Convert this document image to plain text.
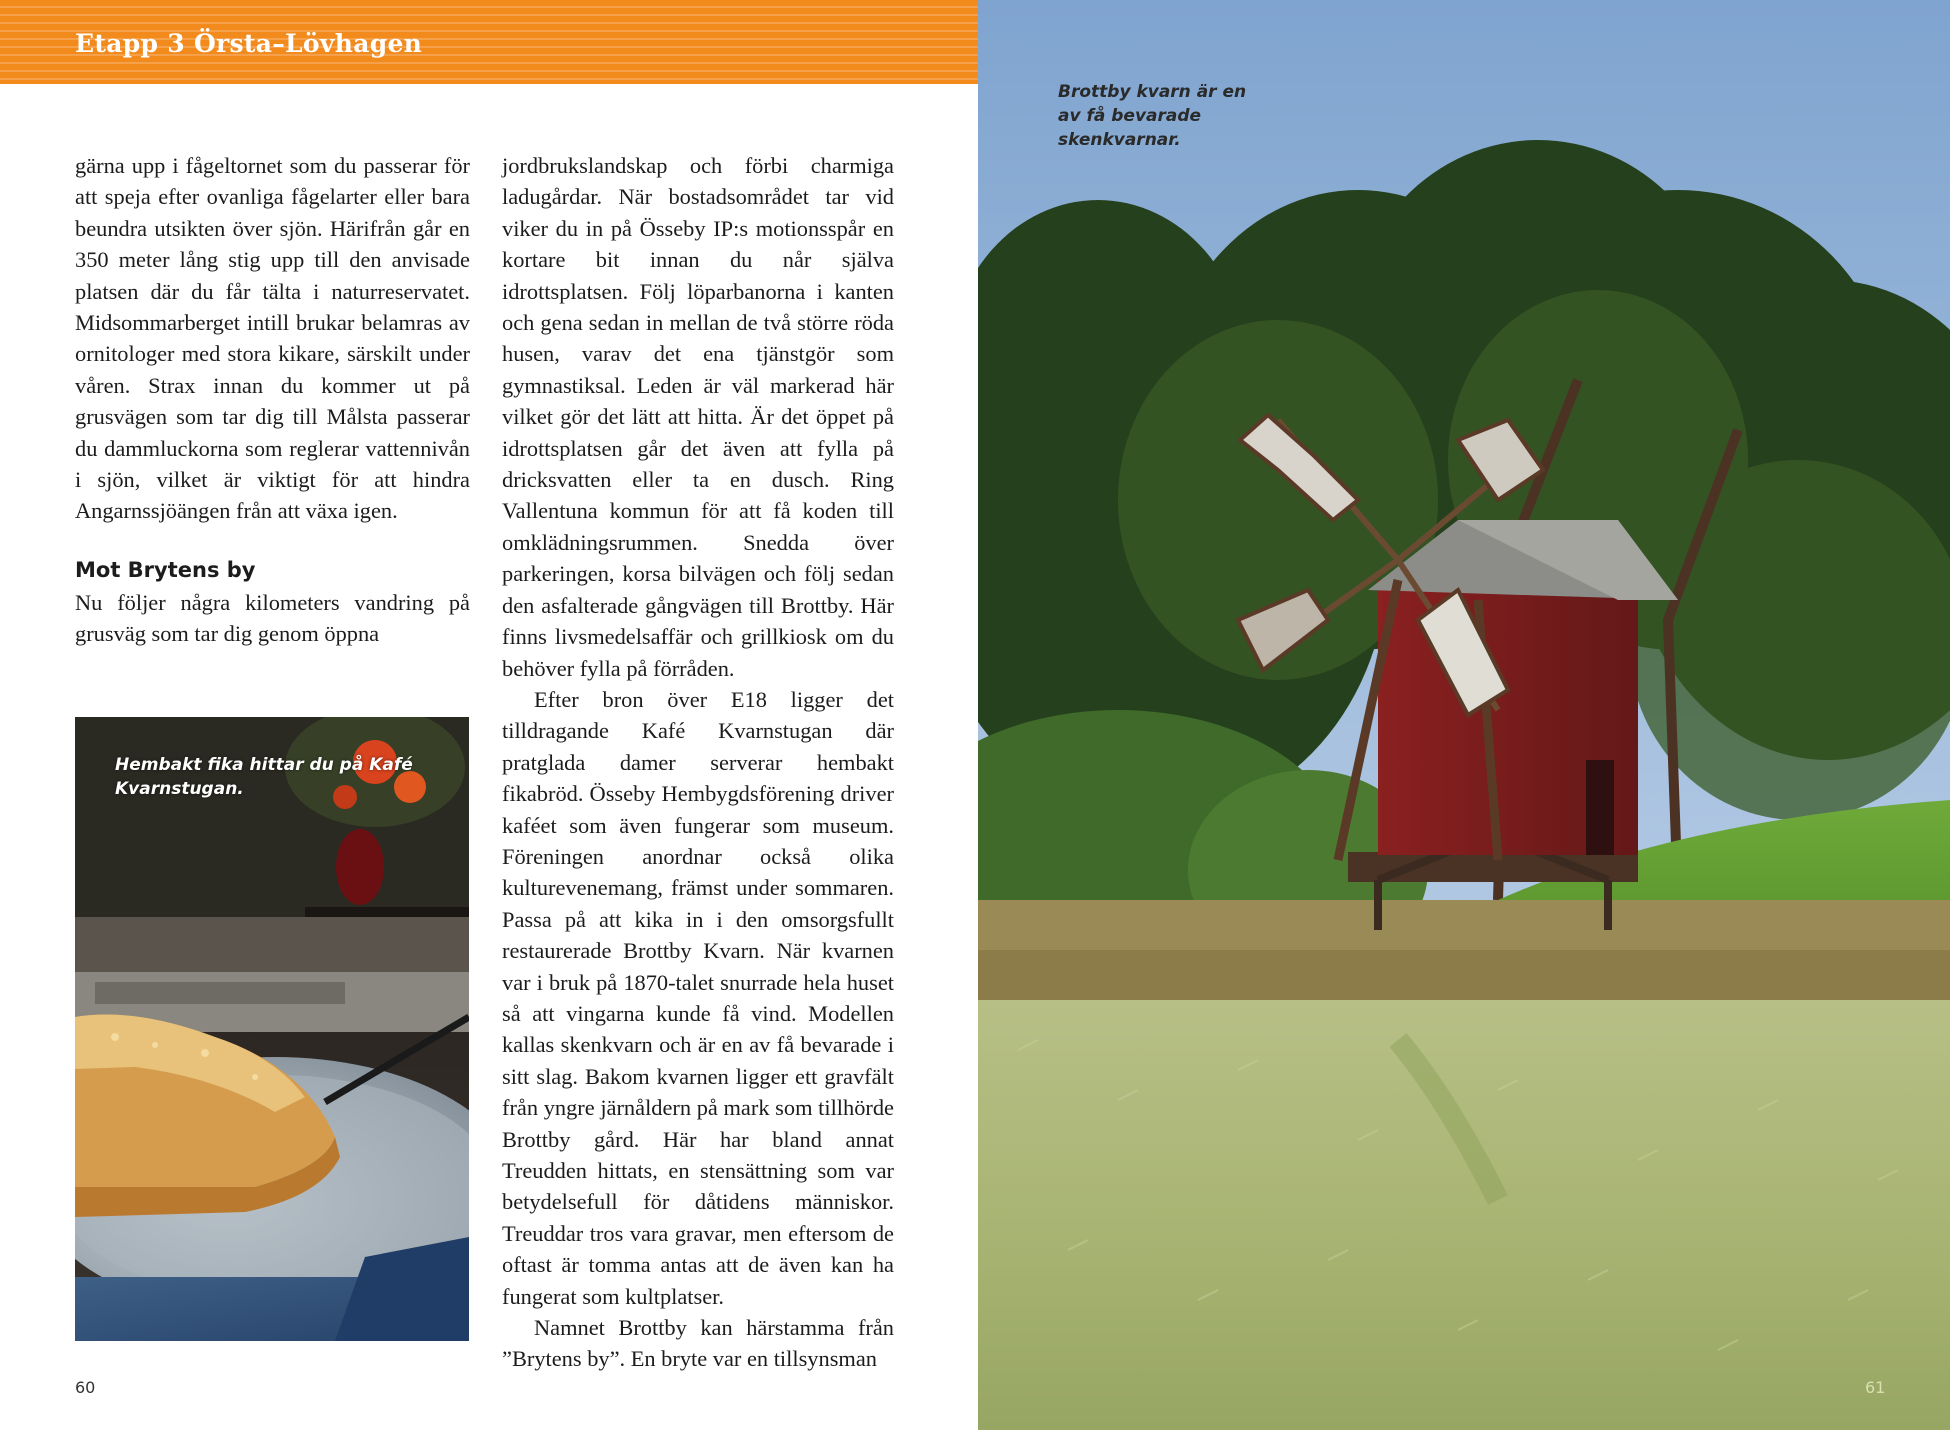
Etapp 3 Örsta–Lövhagen

gärna upp i fågeltornet som du passerar för att speja efter ovanliga fågelarter eller bara beundra utsikten över sjön. Härifrån går en 350 meter lång stig upp till den anvisade platsen där du får tälta i naturreservatet. Midsommarberget intill brukar belamras av ornitologer med stora kikare, särskilt under våren. Strax innan du kommer ut på grusvägen som tar dig till Målsta passerar du dammluckorna som reglerar vattennivån i sjön, vilket är viktigt för att hindra Angarnssjöängen från att växa igen.

Mot Brytens by

Nu följer några kilometers vandring på grusväg som tar dig genom öppna

jordbrukslandskap och förbi charmiga ladugårdar. När bostadsområdet tar vid viker du in på Össeby IP:s motionsspår en kortare bit innan du når själva idrottsplatsen. Följ löparbanorna i kanten och gena sedan in mellan de två större röda husen, varav det ena tjänstgör som gymnastiksal. Leden är väl markerad här vilket gör det lätt att hitta. Är det öppet på idrottsplatsen går det även att fylla på dricksvatten eller ta en dusch. Ring Vallentuna kommun för att få koden till omklädningsrummen. Snedda över parkeringen, korsa bilvägen och följ sedan den asfalterade gångvägen till Brottby. Här finns livsmedelsaffär och grillkiosk om du behöver fylla på förråden.

Efter bron över E18 ligger det tilldragande Kafé Kvarnstugan där pratglada damer serverar hembakt fikabröd. Össeby Hembygdsförening driver kaféet som även fungerar som museum. Föreningen anordnar också olika kulturevenemang, främst under sommaren. Passa på att kika in i den omsorgsfullt restaurerade Brottby Kvarn. När kvarnen var i bruk på 1870-talet snurrade hela huset så att vingarna kunde få vind. Modellen kallas skenkvarn och är en av få bevarade i sitt slag. Bakom kvarnen ligger ett gravfält från yngre järnåldern på mark som tillhörde Brottby gård. Här har bland annat Treudden hittats, en stensättning som var betydelsefull för dåtidens människor. Treuddar tros vara gravar, men eftersom de oftast är tomma antas att de även kan ha fungerat som kultplatser.

Namnet Brottby kan härstamma från ”Brytens by”. En bryte var en tillsynsman

Hembakt fika hittar du på Kafé Kvarnstugan.
60
Brottby kvarn är en av få bevarade skenkvarnar.
61
